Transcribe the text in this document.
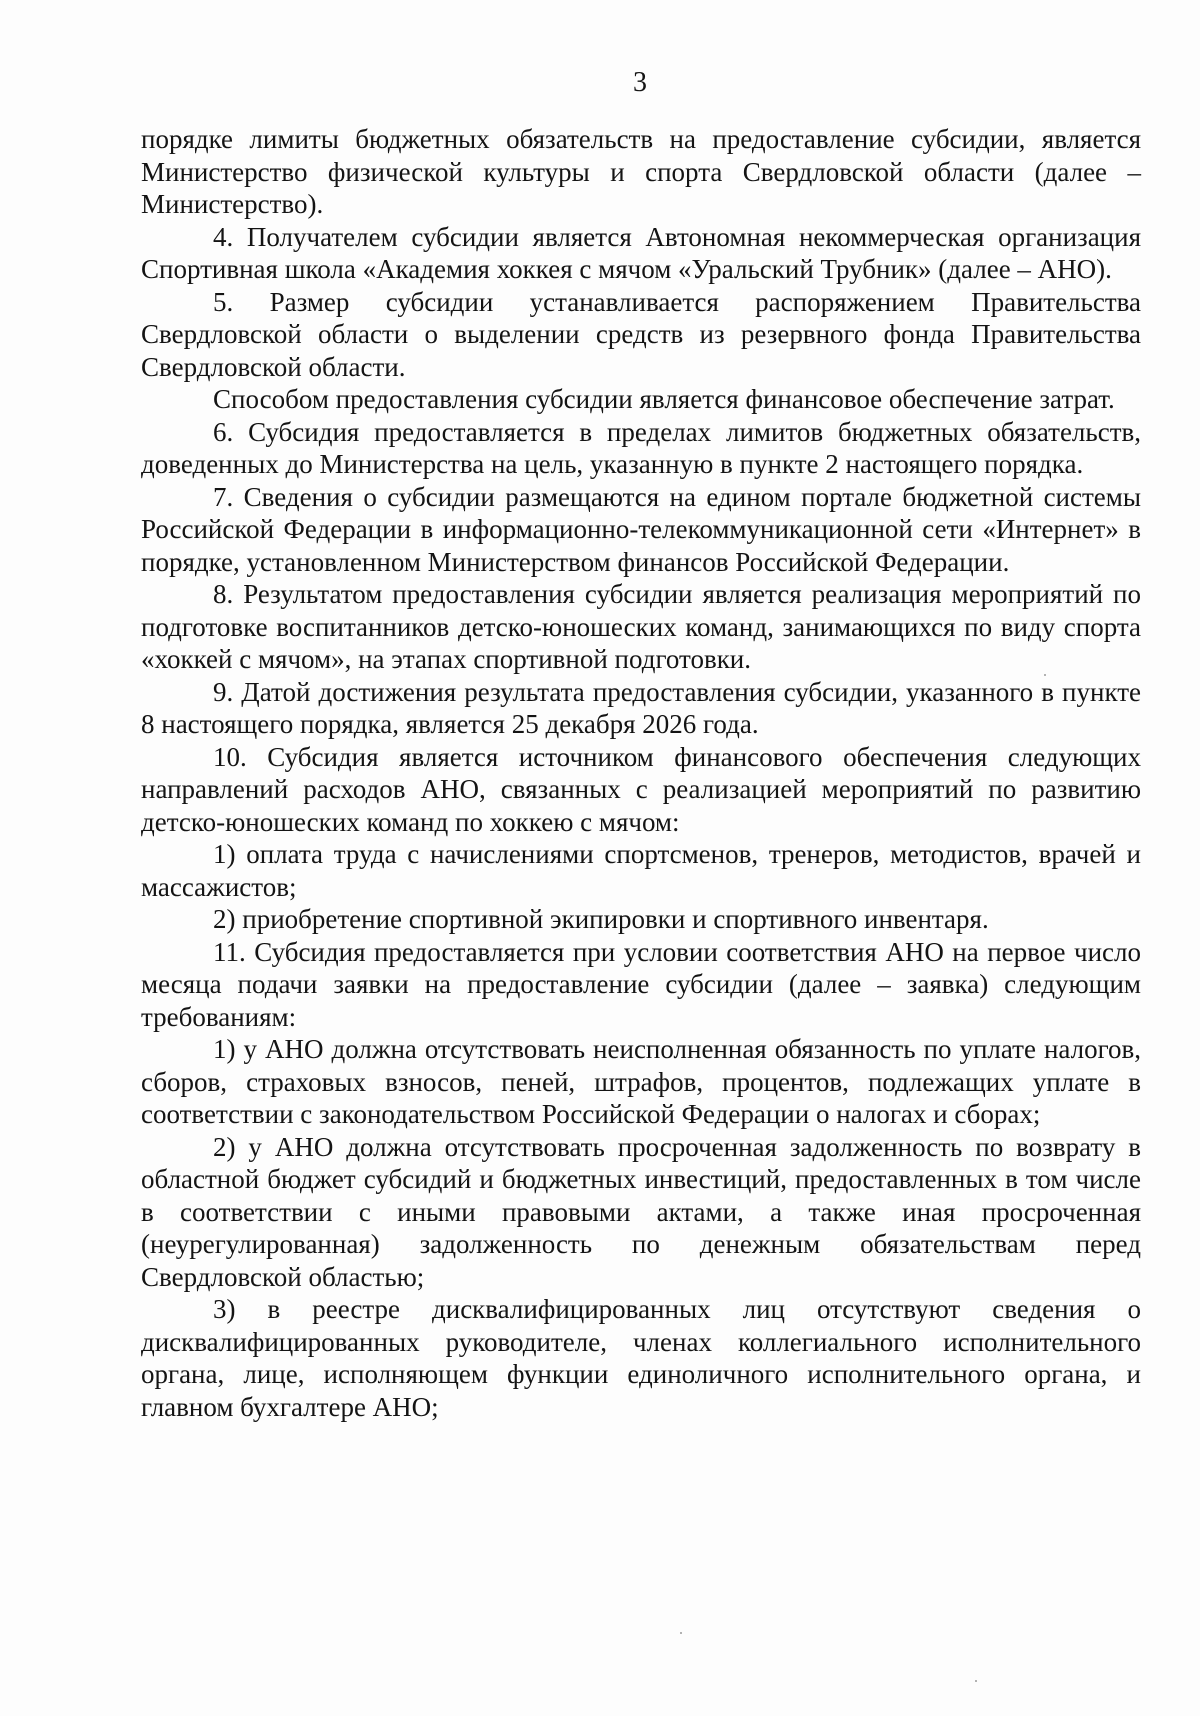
3

порядке лимиты бюджетных обязательств на предоставление субсидии, является Министерство физической культуры и спорта Свердловской области (далее – Министерство).

4. Получателем субсидии является Автономная некоммерческая организация Спортивная школа «Академия хоккея с мячом «Уральский Трубник» (далее – АНО).

5. Размер субсидии устанавливается распоряжением Правительства Свердловской области о выделении средств из резервного фонда Правительства Свердловской области.

Способом предоставления субсидии является финансовое обеспечение затрат.

6. Субсидия предоставляется в пределах лимитов бюджетных обязательств, доведенных до Министерства на цель, указанную в пункте 2 настоящего порядка.

7. Сведения о субсидии размещаются на едином портале бюджетной системы Российской Федерации в информационно-телекоммуникационной сети «Интернет» в порядке, установленном Министерством финансов Российской Федерации.

8. Результатом предоставления субсидии является реализация мероприятий по подготовке воспитанников детско-юношеских команд, занимающихся по виду спорта «хоккей с мячом», на этапах спортивной подготовки.

9. Датой достижения результата предоставления субсидии, указанного в пункте 8 настоящего порядка, является 25 декабря 2026 года.

10. Субсидия является источником финансового обеспечения следующих направлений расходов АНО, связанных с реализацией мероприятий по развитию детско-юношеских команд по хоккею с мячом:

1) оплата труда с начислениями спортсменов, тренеров, методистов, врачей и массажистов;

2) приобретение спортивной экипировки и спортивного инвентаря.

11. Субсидия предоставляется при условии соответствия АНО на первое число месяца подачи заявки на предоставление субсидии (далее – заявка) следующим требованиям:

1) у АНО должна отсутствовать неисполненная обязанность по уплате налогов, сборов, страховых взносов, пеней, штрафов, процентов, подлежащих уплате в соответствии с законодательством Российской Федерации о налогах и сборах;

2) у АНО должна отсутствовать просроченная задолженность по возврату в областной бюджет субсидий и бюджетных инвестиций, предоставленных в том числе в соответствии с иными правовыми актами, а также иная просроченная (неурегулированная) задолженность по денежным обязательствам перед Свердловской областью;

3) в реестре дисквалифицированных лиц отсутствуют сведения о дисквалифицированных руководителе, членах коллегиального исполнительного органа, лице, исполняющем функции единоличного исполнительного органа, и главном бухгалтере АНО;
